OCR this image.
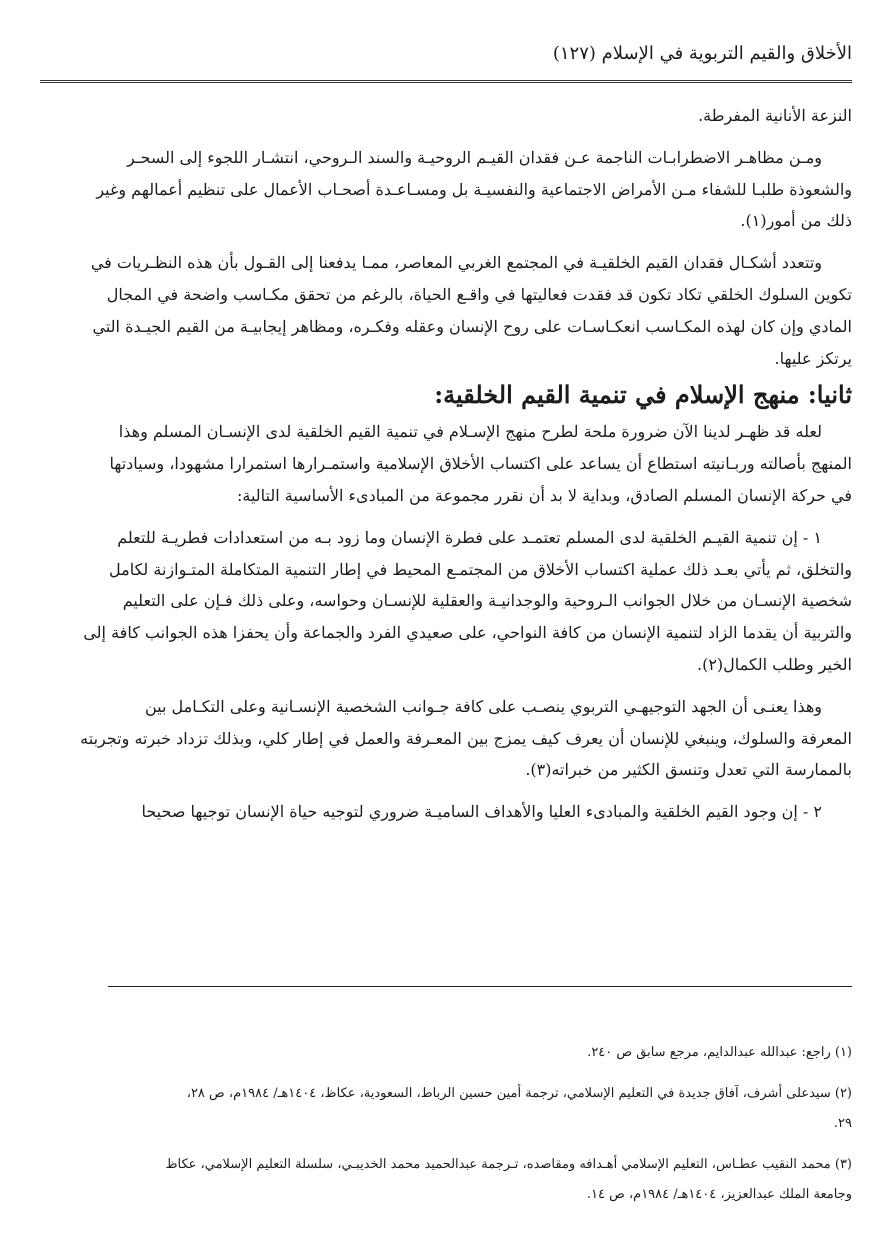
الأخلاق والقيم التربوية في الإسلام (١٢٧)

النزعة الأنانية المفرطة.

ومـن مظاهـر الاضطرابـات الناجمة عـن فقدان القيـم الروحيـة والسند الـروحي، انتشـار اللجوء إلى السحـر

والشعوذة طلبـا للشفاء مـن الأمراض الاجتماعية والنفسيـة بل ومسـاعـدة أصحـاب الأعمال على تنظيم أعمالهم وغير

ذلك من أمور(١).

وتتعدد أشكـال فقدان القيم الخلقيـة في المجتمع الغربي المعاصر، ممـا يدفعنا إلى القـول بأن هذه النظـريات في

تكوين السلوك الخلقي تكاد تكون قد فقدت فعاليتها في واقـع الحياة، بالرغم من تحقق مكـاسب واضحة في المجال

المادي وإن كان لهذه المكـاسب انعكـاسـات على روح الإنسان وعقله وفكـره، ومظاهر إيجابيـة من القيم الجيـدة التي

يرتكز عليها.

ثانيا: منهج الإسلام في تنمية القيم الخلقية:

لعله قد ظهـر لدينا الآن ضرورة ملحة لطرح منهج الإسـلام في تنمية القيم الخلقية لدى الإنسـان المسلم وهذا

المنهج بأصالته وربـانيته استطاع أن يساعد على اكتساب الأخلاق الإسلامية واستمـرارها استمرارا مشهودا، وسيادتها

في حركة الإنسان المسلم الصادق، وبداية لا بد أن نقرر مجموعة من المبادىء الأساسية التالية:

١ - إن تنمية القيـم الخلقية لدى المسلم تعتمـد على فطرة الإنسان وما زود بـه من استعدادات فطريـة للتعلم

والتخلق، ثم يأتي بعـد ذلك عملية اكتساب الأخلاق من المجتمـع المحيط في إطار التنمية المتكاملة المتـوازنة لكامل

شخصية الإنسـان من خلال الجوانب الـروحية والوجدانيـة والعقلية للإنسـان وحواسه، وعلى ذلك فـإن على التعليم

والتربية أن يقدما الزاد لتنمية الإنسان من كافة النواحي، على صعيدي الفرد والجماعة وأن يحفزا هذه الجوانب كافة إلى

الخير وطلب الكمال(٢).

وهذا يعنـى أن الجهد التوجيهـي التربوي ينصـب على كافة جـوانب الشخصية الإنسـانية وعلى التكـامل بين

المعرفة والسلوك، وينبغي للإنسان أن يعرف كيف يمزج بين المعـرفة والعمل في إطار كلي، وبذلك تزداد خبرته وتجربته

بالممارسة التي تعدل وتنسق الكثير من خبراته(٣).

٢ - إن وجود القيم الخلقية والمبادىء العليا والأهداف الساميـة ضروري لتوجيه حياة الإنسان توجيها صحيحا

(١) راجع: عبدالله عبدالدايم، مرجع سابق ص ٢٤٠.

(٢) سيدعلى أشرف، آفاق جديدة في التعليم الإسلامي، ترجمة أمين حسين الرباط، السعودية، عكاظ، ١٤٠٤هـ/ ١٩٨٤م، ص ٢٨،

٢٩.

(٣) محمد النقيب عطـاس، التعليم الإسلامي أهـدافه ومقاصده، تـرجمة عبدالحميد محمد الخديبـي، سلسلة التعليم الإسلامي، عكاظ

وجامعة الملك عبدالعزيز، ١٤٠٤هـ/ ١٩٨٤م، ص ١٤.
